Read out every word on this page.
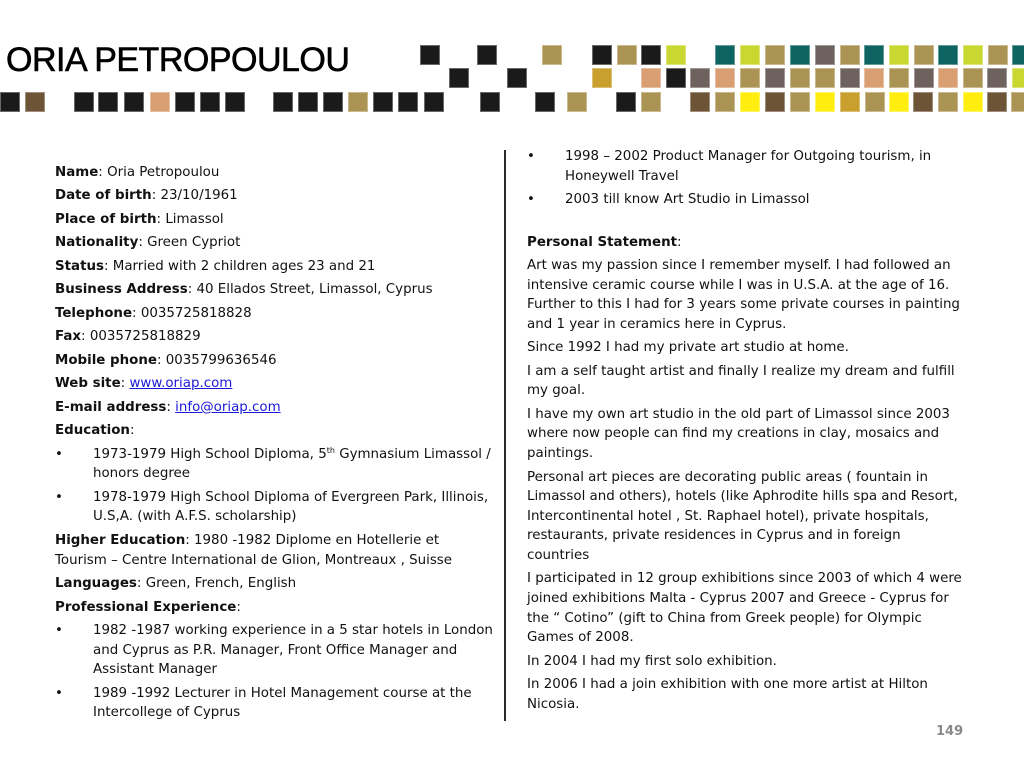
ORIA PETROPOULOU
Name: Oria Petropoulou
Date of birth: 23/10/1961
Place of birth: Limassol
Nationality: Green Cypriot
Status: Married with 2 children ages 23 and 21
Business Address: 40 Ellados Street, Limassol, Cyprus
Telephone: 0035725818828
Fax: 0035725818829
Mobile phone: 0035799636546
Web site: www.oriap.com
E-mail address: info@oriap.com
Education:
• 1973-1979 High School Diploma, 5th Gymnasium Limassol / honors degree
• 1978-1979 High School Diploma of Evergreen Park, Illinois, U.S,A. (with A.F.S. scholarship)
Higher Education: 1980 -1982 Diplome en Hotellerie et Tourism – Centre International de Glion, Montreaux , Suisse
Languages: Green, French, English
Professional Experience:
• 1982 -1987 working experience in a 5 star hotels in London and Cyprus as P.R. Manager, Front Office Manager and Assistant Manager
• 1989 -1992 Lecturer in Hotel Management course at the Intercollege of Cyprus
• 1998 – 2002 Product Manager for Outgoing tourism, in Honeywell Travel
• 2003 till know Art Studio in Limassol
Personal Statement:
Art was my passion since I remember myself. I had followed an intensive ceramic course while I was in U.S.A. at the age of 16. Further to this I had for 3 years some private courses in painting and 1 year in ceramics here in Cyprus.
Since 1992 I had my private art studio at home.
I am a self taught artist and finally I realize my dream and fulfill my goal.
I have my own art studio in the old part of Limassol since 2003 where now people can find my creations in clay, mosaics and paintings.
Personal art pieces are decorating public areas ( fountain in Limassol and others), hotels (like Aphrodite hills spa and Resort, Intercontinental hotel , St. Raphael hotel), private hospitals, restaurants, private residences in Cyprus and in foreign countries
I participated in 12 group exhibitions since 2003 of which 4 were joined exhibitions Malta - Cyprus 2007 and Greece - Cyprus for the “ Cotino” (gift to China from Greek people) for Olympic Games of 2008.
In 2004 I had my first solo exhibition.
In 2006 I had a join exhibition with one more artist at Hilton Nicosia.
149
